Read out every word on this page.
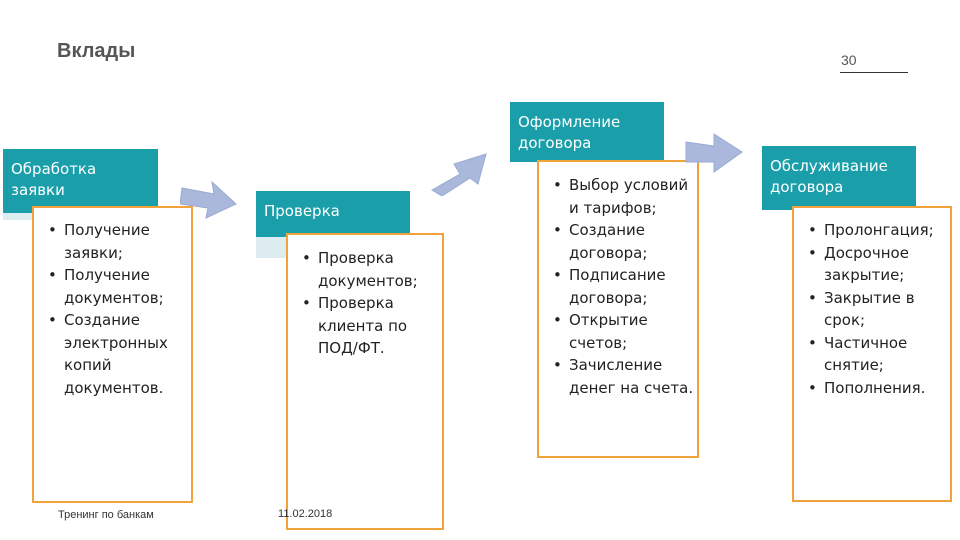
Вклады	30
Обработка заявки
• Получение заявки;
• Получение документов;
• Создание электронных копий документов.
Проверка
• Проверка документов;
• Проверка клиента по ПОД/ФТ.
Оформление договора
• Выбор условий и тарифов;
• Создание договора;
• Подписание договора;
• Открытие счетов;
• Зачисление денег на счета.
Обслуживание договора
• Пролонгация;
• Досрочное закрытие;
• Закрытие в срок;
• Частичное снятие;
• Пополнения.
Тренинг по банкам	11.02.2018
